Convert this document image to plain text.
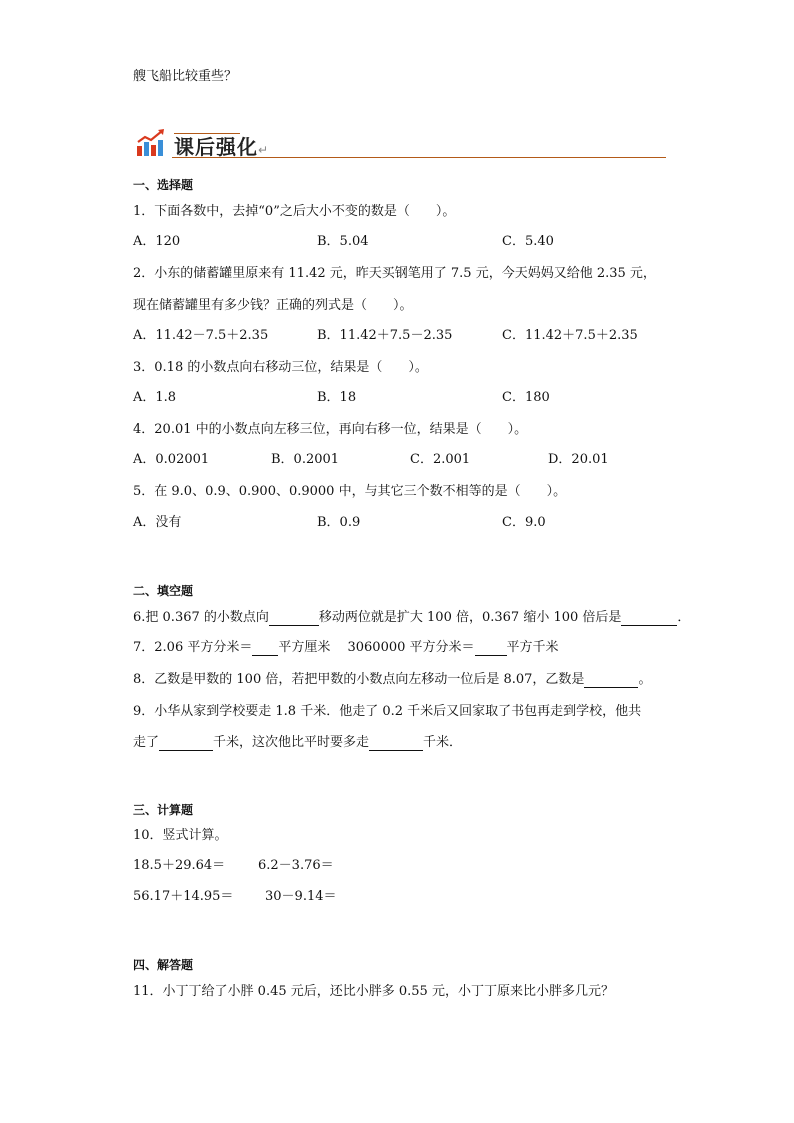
艘飞船比较重些？
课后强化↵
一、选择题
1．下面各数中，去掉“0”之后大小不变的数是（　　）。
A．120	B．5.04	C．5.40
2．小东的储蓄罐里原来有 11.42 元，昨天买钢笔用了 7.5 元，今天妈妈又给他 2.35 元，
现在储蓄罐里有多少钱？正确的列式是（　　）。
A．11.42－7.5＋2.35	B．11.42＋7.5－2.35	C．11.42＋7.5＋2.35
3．0.18 的小数点向右移动三位，结果是（　　）。
A．1.8	B．18	C．180
4．20.01 中的小数点向左移三位，再向右移一位，结果是（　　）。
A．0.02001	B．0.2001	C．2.001	D．20.01
5．在 9.0、0.9、0.900、0.9000 中，与其它三个数不相等的是（　　）。
A．没有	B．0.9	C．9.0
二、填空题
6.把 0.367 的小数点向	移动两位就是扩大 100 倍，0.367 缩小 100 倍后是	．
7．2.06 平方分米＝ 平方厘米　 3060000 平方分米＝ 平方千米
8．乙数是甲数的 100 倍，若把甲数的小数点向左移动一位后是 8.07，乙数是	。
9．小华从家到学校要走 1.8 千米．他走了 0.2 千米后又回家取了书包再走到学校，他共
走了	千米，这次他比平时要多走	千米．
三、计算题
10．竖式计算。
18.5＋29.64＝	6.2－3.76＝
56.17＋14.95＝ 30－9.14＝
四、解答题
11．小丁丁给了小胖 0.45 元后，还比小胖多 0.55 元，小丁丁原来比小胖多几元？
